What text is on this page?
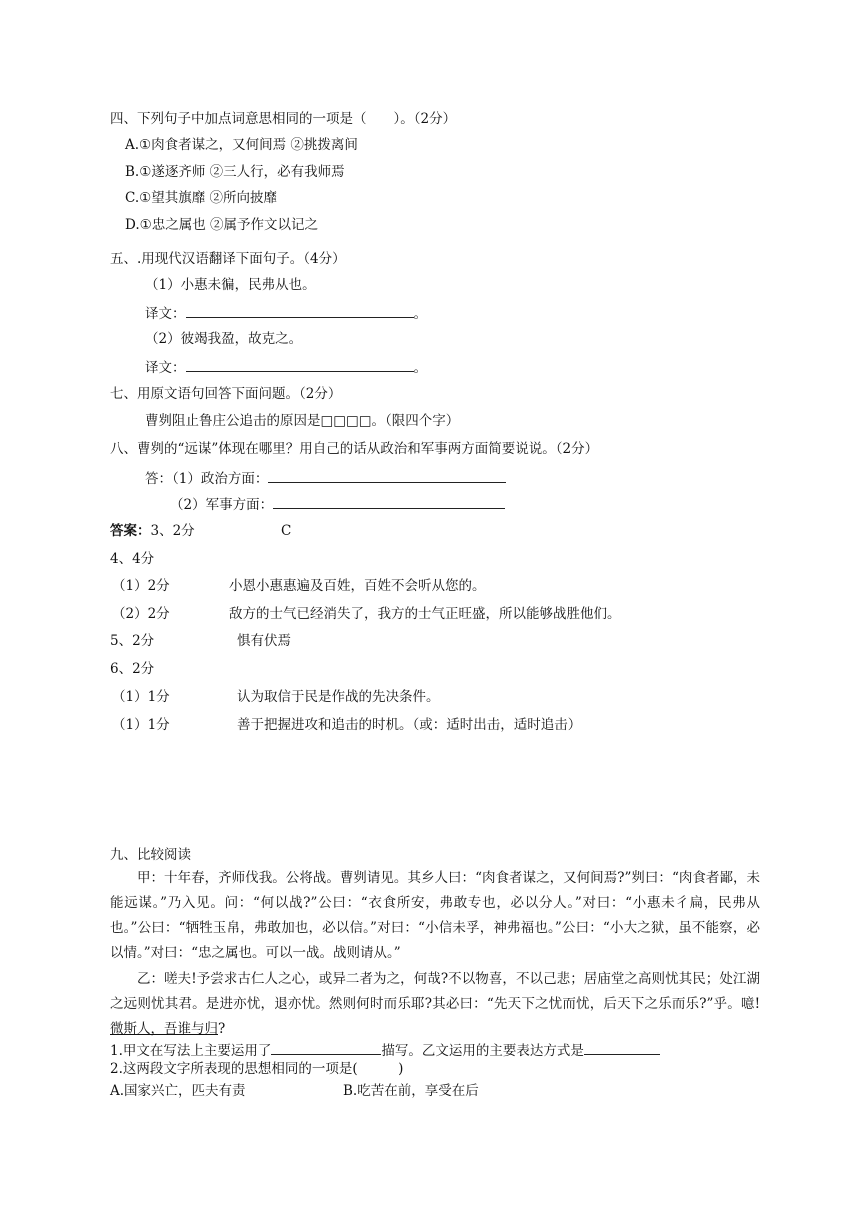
四、下列句子中加点词意思相同的一项是（　　）。（2分）
A.①肉食者谋之，又何间焉 ②挑拨离间
B.①遂逐齐师 ②三人行，必有我师焉
C.①望其旗靡 ②所向披靡
D.①忠之属也 ②属予作文以记之
五、.用现代汉语翻译下面句子。（4分）
（1）小惠未徧，民弗从也。
译文：	。
（2）彼竭我盈，故克之。
译文：	。
七、用原文语句回答下面问题。（2分）
曹刿阻止鲁庄公追击的原因是□□□□。（限四个字）
八、曹刿的“远谋”体现在哪里？用自己的话从政治和军事两方面简要说说。（2分）
答：（1）政治方面：
（2）军事方面：
答案：3、2分	C
4、4分
（1）2分	小恩小惠惠遍及百姓，百姓不会听从您的。
（2）2分	敌方的士气已经消失了，我方的士气正旺盛，所以能够战胜他们。
5、2分	惧有伏焉
6、2分
（1）1分	认为取信于民是作战的先决条件。
（1）1分	善于把握进攻和追击的时机。（或：适时出击，适时追击）
九、比较阅读
甲：十年春，齐师伐我。公将战。曹刿请见。其乡人曰：“肉食者谋之，又何间焉?”刿曰：“肉食者鄙，未能远谋。”乃入见。问：“何以战?”公曰：“衣食所安，弗敢专也，必以分人。”对曰：“小惠未彳扁，民弗从也。”公曰：“牺牲玉帛，弗敢加也，必以信。”对曰：“小信未孚，神弗福也。”公曰：“小大之狱，虽不能察，必以情。”对曰：“忠之属也。可以一战。战则请从。”
乙：嗟夫!予尝求古仁人之心，或异二者为之，何哉?不以物喜，不以己悲；居庙堂之高则忧其民；处江湖之远则忧其君。是进亦忧，退亦忧。然则何时而乐耶?其必曰：“先天下之忧而忧，后天下之乐而乐?”乎。噫!微斯人，吾谁与归?
1.甲文在写法上主要运用了	描写。乙文运用的主要表达方式是
2.这两段文字所表现的思想相同的一项是(　　　)
A.国家兴亡，匹夫有责	B.吃苦在前，享受在后
